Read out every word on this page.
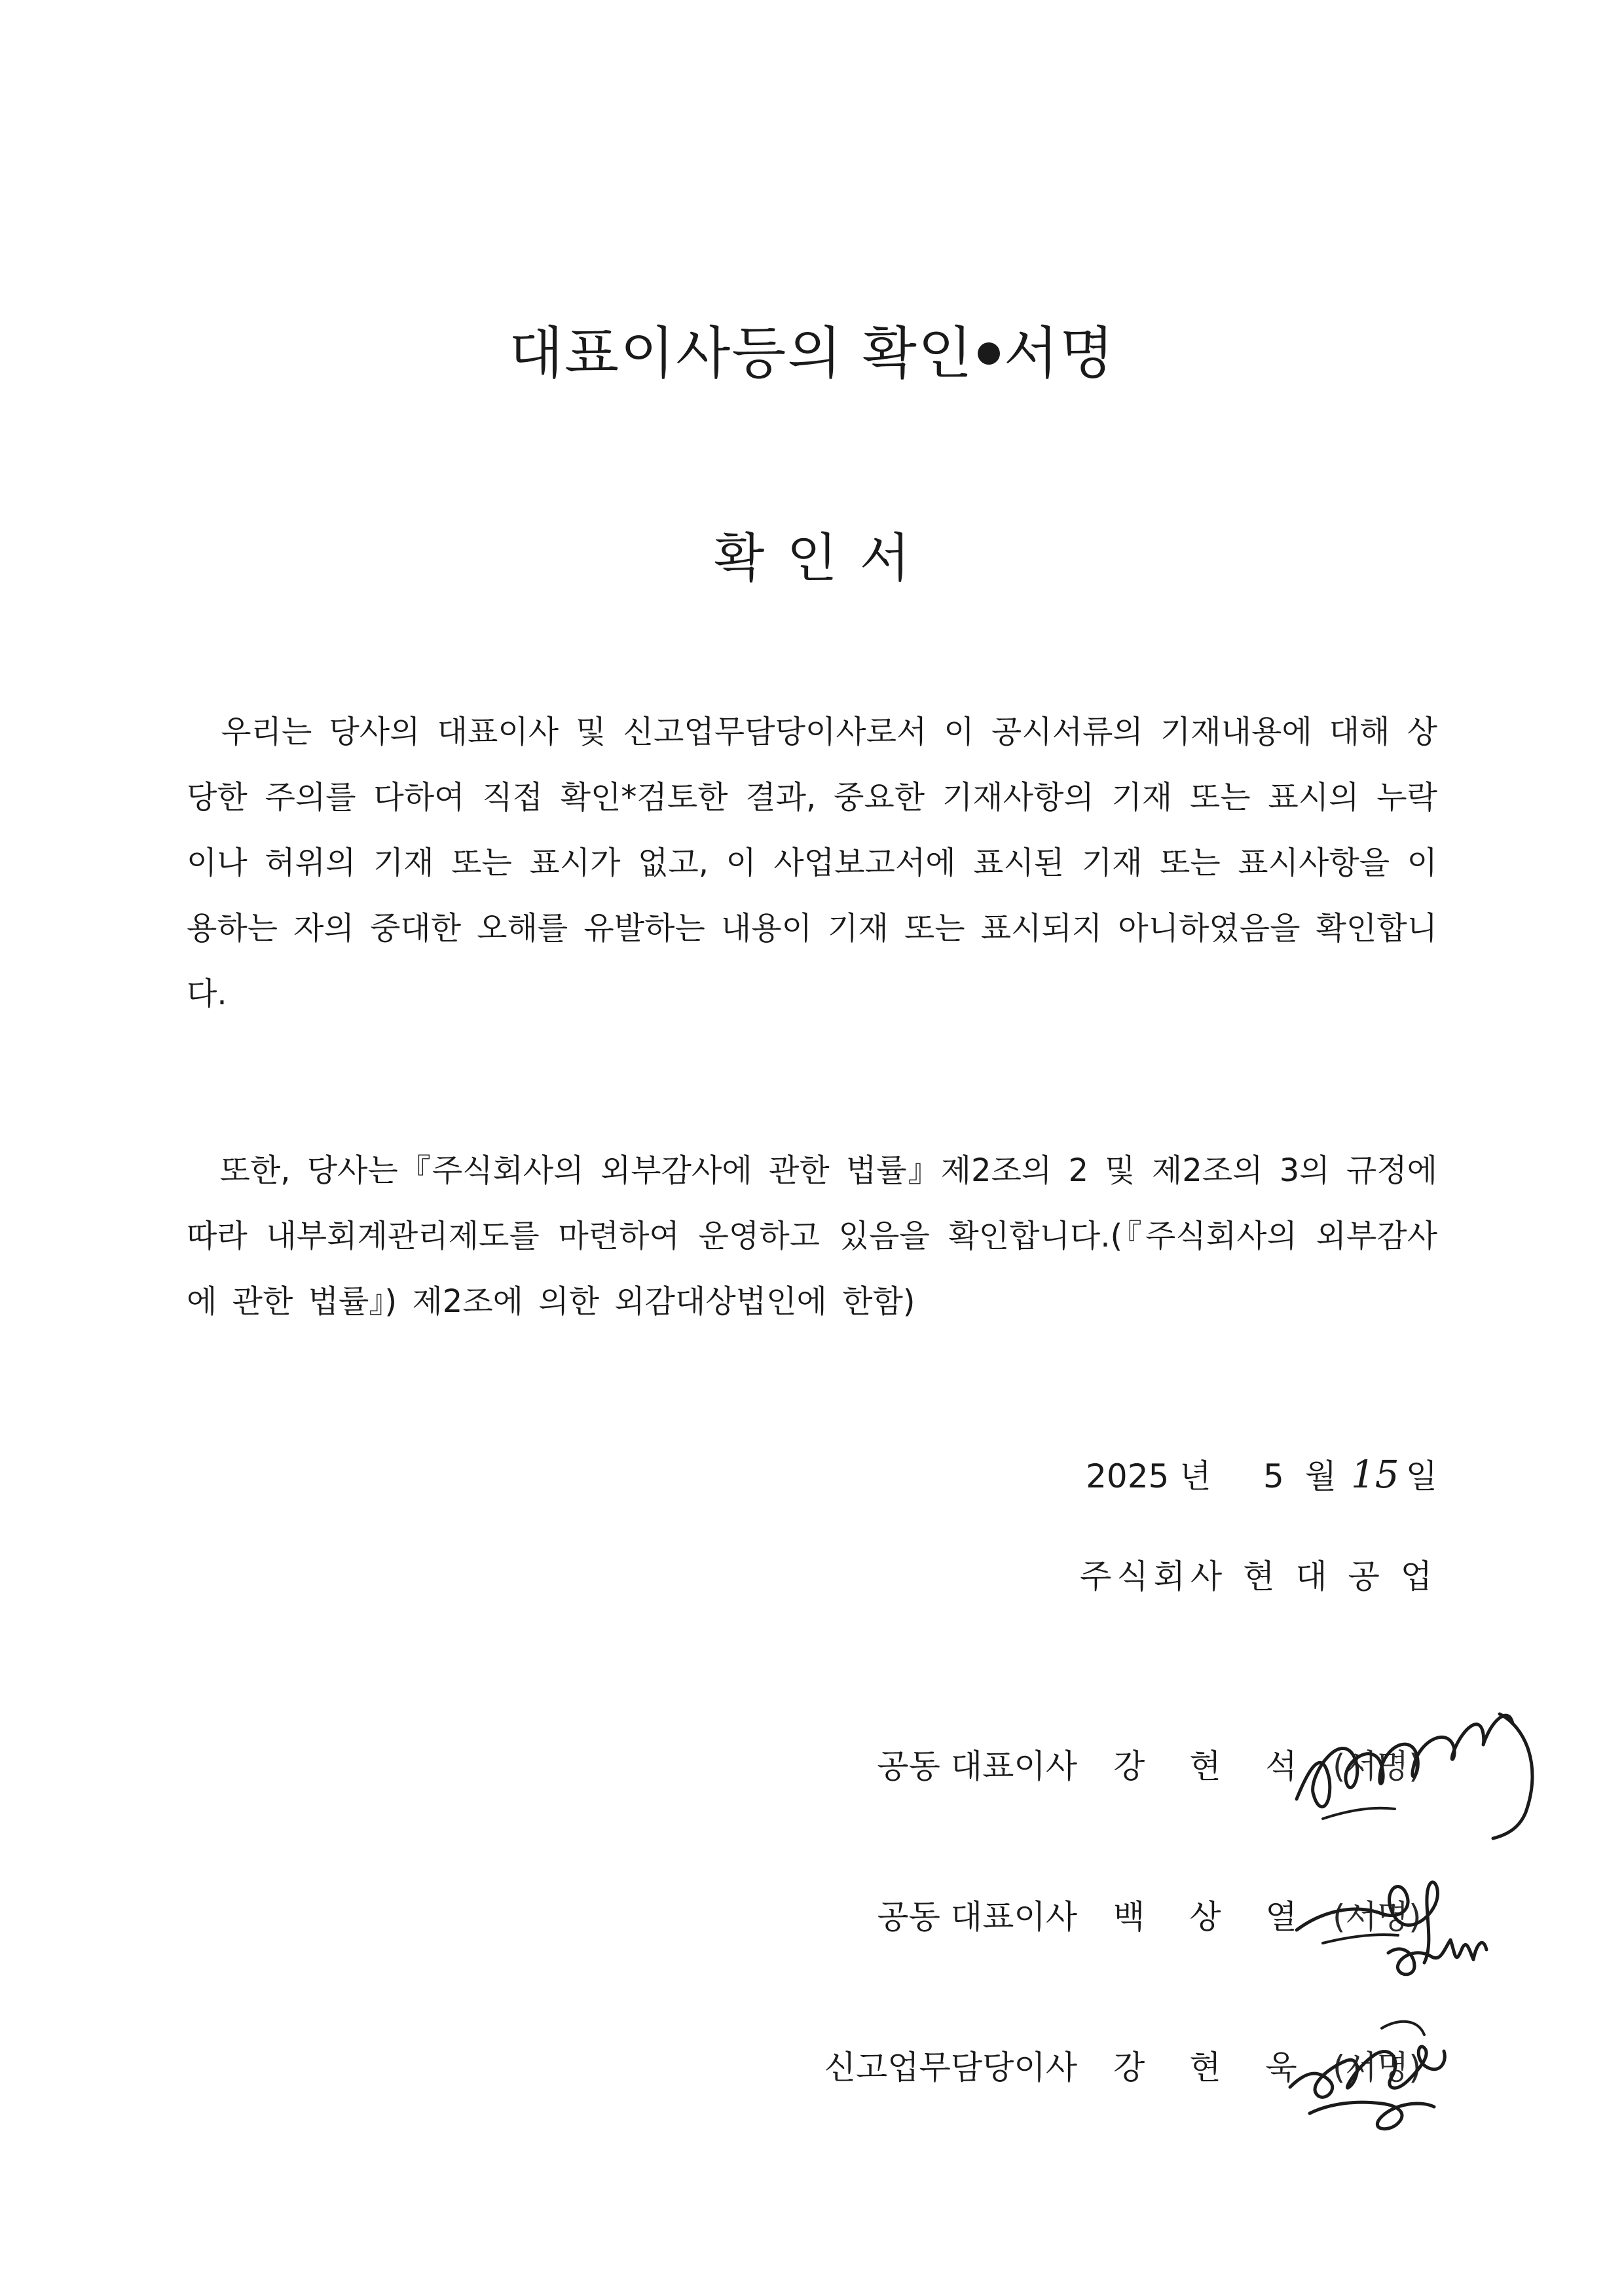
대표이사등의 확인 서명
확인서
우리는 당사의 대표이사 및 신고업무담당이사로서 이 공시서류의 기재내용에 대해 상당한 주의를 다하여 직접 확인*검토한 결과, 중요한 기재사항의 기재 또는 표시의 누락이나 허위의 기재 또는 표시가 없고, 이 사업보고서에 표시된 기재 또는 표시사항을 이용하는 자의 중대한 오해를 유발하는 내용이 기재 또는 표시되지 아니하였음을 확인합니다.
또한, 당사는『주식회사의 외부감사에 관한 법률』제2조의 2 및 제2조의 3의 규정에 따라 내부회계관리제도를 마련하여 운영하고 있음을 확인합니다.(『주식회사의 외부감사에 관한 법률』) 제2조에 의한 외감대상법인에 한함)
2025 년 5 월 15 일
주식회사 현 대 공 업
공동 대표이사 강 현 석 (서명)
공동 대표이사 백 상 열 (서명)
신고업무담당이사 강 현 욱 (서명)
